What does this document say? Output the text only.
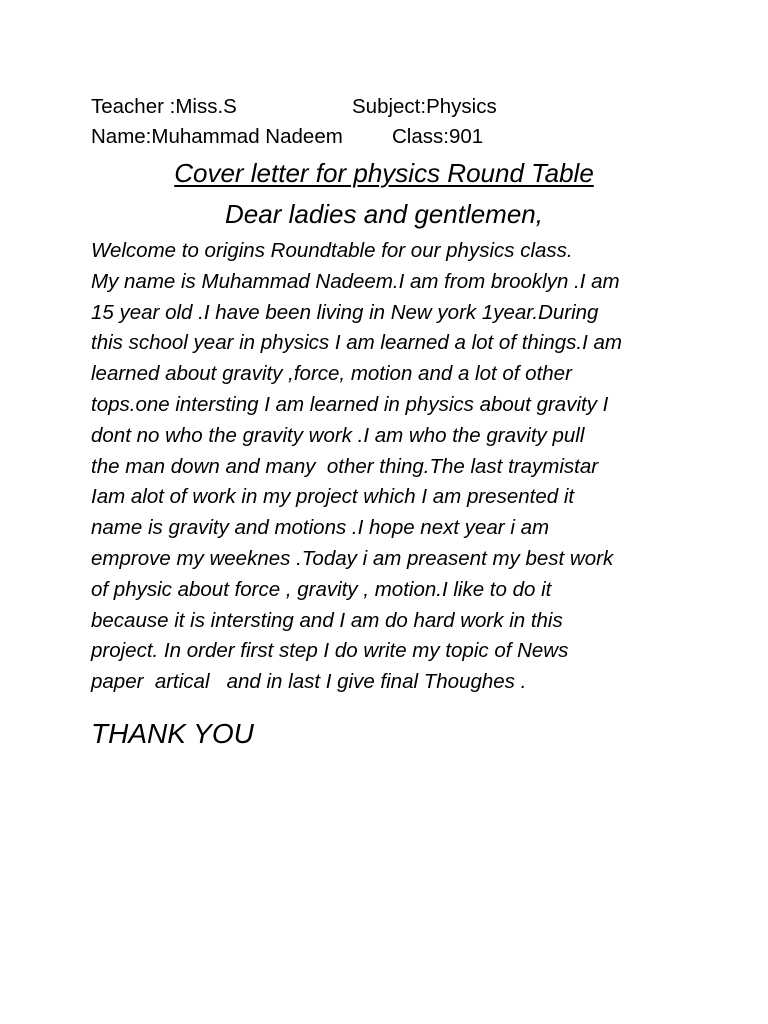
Teacher :Miss.S	Subject:Physics
Name:Muhammad Nadeem Class:901
Cover letter for physics Round Table
Dear ladies and gentlemen,
Welcome to origins Roundtable for our physics class.
My name is Muhammad Nadeem.I am from brooklyn .I am
15 year old .I have been living in New york 1year.During
this school year in physics I am learned a lot of things.I am
learned about gravity ,force, motion and a lot of other
tops.one intersting I am learned in physics about gravity I
dont no who the gravity work .I am who the gravity pull
the man down and many  other thing.The last traymistar
Iam alot of work in my project which I am presented it
name is gravity and motions .I hope next year i am
emprove my weeknes .Today i am preasent my best work
of physic about force , gravity , motion.I like to do it
because it is intersting and I am do hard work in this
project. In order first step I do write my topic of News
paper  artical   and in last I give final Thoughes .
THANK YOU
